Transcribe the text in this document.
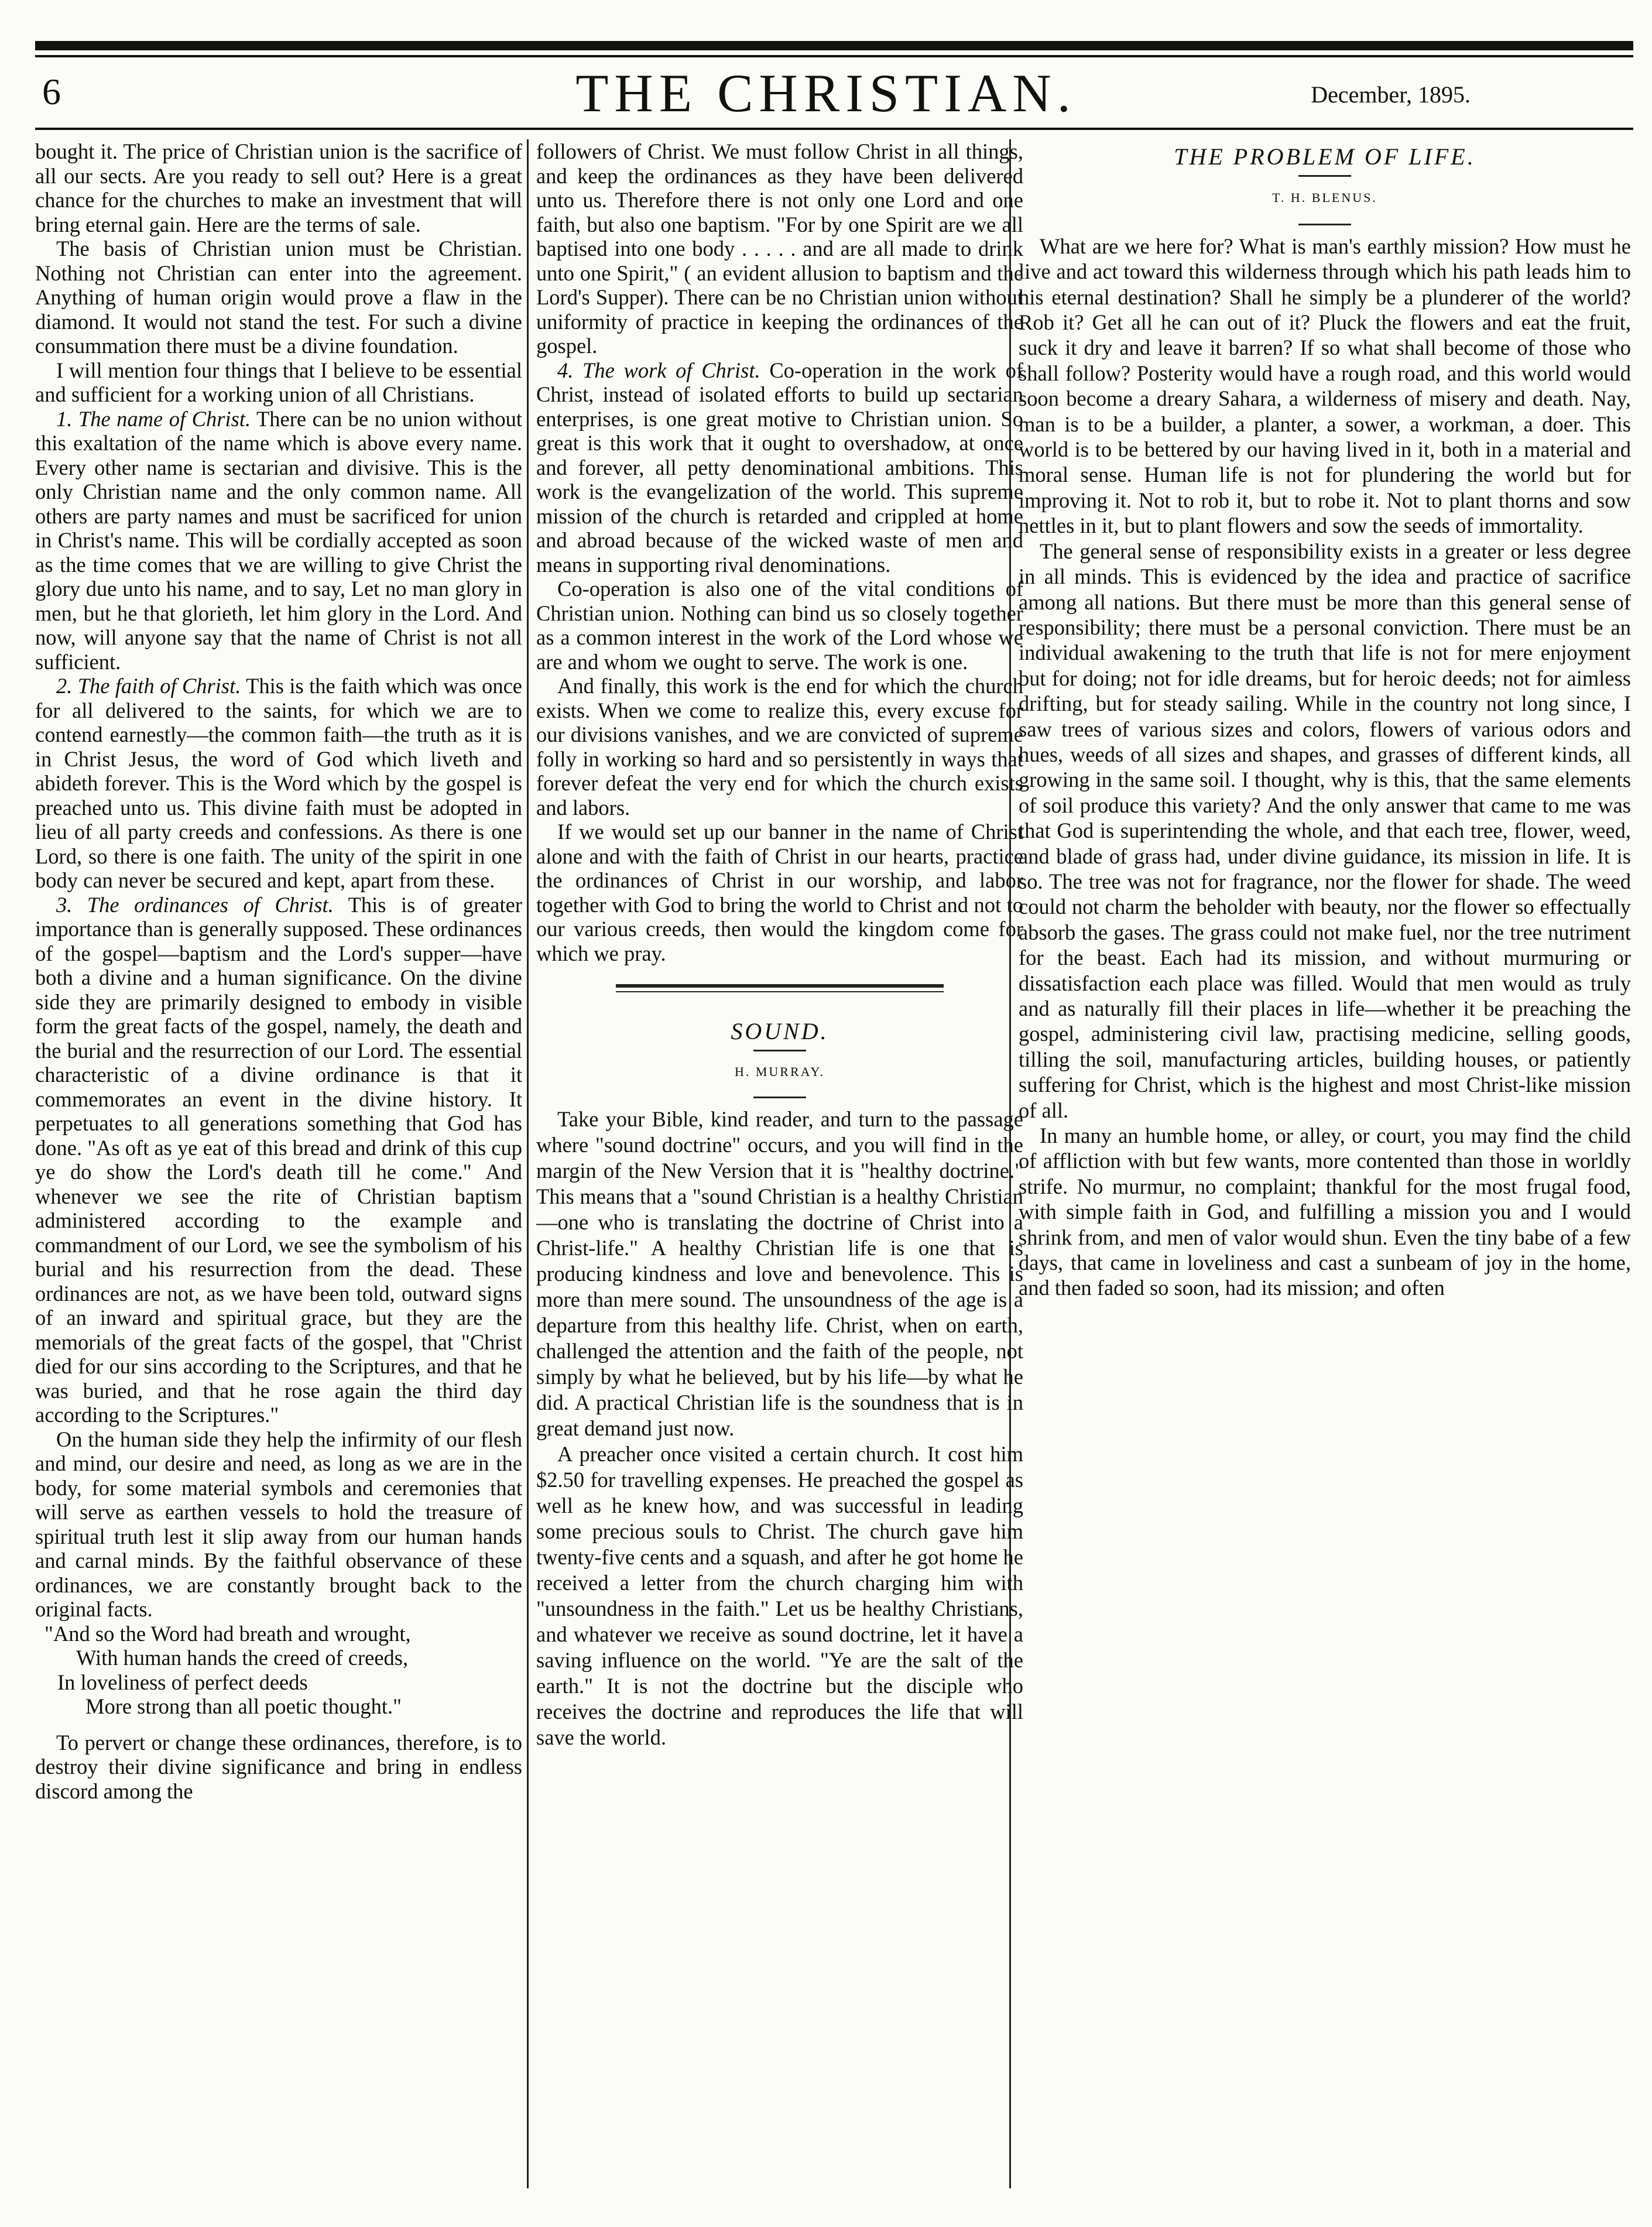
6	THE CHRISTIAN.	December, 1895.

bought it. The price of Christian union is the sacrifice of all our sects. Are you ready to sell out? Here is a great chance for the churches to make an investment that will bring eternal gain. Here are the terms of sale.

The basis of Christian union must be Christian. Nothing not Christian can enter into the agreement. Anything of human origin would prove a flaw in the diamond. It would not stand the test. For such a divine consummation there must be a divine foundation.

I will mention four things that I believe to be essential and sufficient for a working union of all Christians.

1. The name of Christ. There can be no union without this exaltation of the name which is above every name. Every other name is sectarian and divisive. This is the only Christian name and the only common name. All others are party names and must be sacrificed for union in Christ's name. This will be cordially accepted as soon as the time comes that we are willing to give Christ the glory due unto his name, and to say, Let no man glory in men, but he that glorieth, let him glory in the Lord. And now, will anyone say that the name of Christ is not all sufficient.

2. The faith of Christ. This is the faith which was once for all delivered to the saints, for which we are to contend earnestly—the common faith—the truth as it is in Christ Jesus, the word of God which liveth and abideth forever. This is the Word which by the gospel is preached unto us. This divine faith must be adopted in lieu of all party creeds and confessions. As there is one Lord, so there is one faith. The unity of the spirit in one body can never be secured and kept, apart from these.

3. The ordinances of Christ. This is of greater importance than is generally supposed. These ordinances of the gospel—baptism and the Lord's supper—have both a divine and a human significance. On the divine side they are primarily designed to embody in visible form the great facts of the gospel, namely, the death and the burial and the resurrection of our Lord. The essential characteristic of a divine ordinance is that it commemorates an event in the divine history. It perpetuates to all generations something that God has done. "As oft as ye eat of this bread and drink of this cup ye do show the Lord's death till he come." And whenever we see the rite of Christian baptism administered according to the example and commandment of our Lord, we see the symbolism of his burial and his resurrection from the dead. These ordinances are not, as we have been told, outward signs of an inward and spiritual grace, but they are the memorials of the great facts of the gospel, that "Christ died for our sins according to the Scriptures, and that he was buried, and that he rose again the third day according to the Scriptures."

On the human side they help the infirmity of our flesh and mind, our desire and need, as long as we are in the body, for some material symbols and ceremonies that will serve as earthen vessels to hold the treasure of spiritual truth lest it slip away from our human hands and carnal minds. By the faithful observance of these ordinances, we are constantly brought back to the original facts.

"And so the Word had breath and wrought,
With human hands the creed of creeds,
In loveliness of perfect deeds
More strong than all poetic thought."

To pervert or change these ordinances, therefore, is to destroy their divine significance and bring in endless discord among the

followers of Christ. We must follow Christ in all things, and keep the ordinances as they have been delivered unto us. Therefore there is not only one Lord and one faith, but also one baptism. "For by one Spirit are we all baptised into one body . . . . . and are all made to drink unto one Spirit," ( an evident allusion to baptism and the Lord's Supper). There can be no Christian union without uniformity of practice in keeping the ordinances of the gospel.

4. The work of Christ. Co-operation in the work of Christ, instead of isolated efforts to build up sectarian enterprises, is one great motive to Christian union. So great is this work that it ought to overshadow, at once and forever, all petty denominational ambitions. This work is the evangelization of the world. This supreme mission of the church is retarded and crippled at home and abroad because of the wicked waste of men and means in supporting rival denominations.

Co-operation is also one of the vital conditions of Christian union. Nothing can bind us so closely together as a common interest in the work of the Lord whose we are and whom we ought to serve. The work is one.

And finally, this work is the end for which the church exists. When we come to realize this, every excuse for our divisions vanishes, and we are convicted of supreme folly in working so hard and so persistently in ways that forever defeat the very end for which the church exists and labors.

If we would set up our banner in the name of Christ alone and with the faith of Christ in our hearts, practice the ordinances of Christ in our worship, and labor together with God to bring the world to Christ and not to our various creeds, then would the kingdom come for which we pray.

SOUND.
H. MURRAY.

Take your Bible, kind reader, and turn to the passage where "sound doctrine" occurs, and you will find in the margin of the New Version that it is "healthy doctrine." This means that a "sound Christian is a healthy Christian—one who is translating the doctrine of Christ into a Christ-life." A healthy Christian life is one that is producing kindness and love and benevolence. This is more than mere sound. The unsoundness of the age is a departure from this healthy life. Christ, when on earth, challenged the attention and the faith of the people, not simply by what he believed, but by his life—by what he did. A practical Christian life is the soundness that is in great demand just now.

A preacher once visited a certain church. It cost him $2.50 for travelling expenses. He preached the gospel as well as he knew how, and was successful in leading some precious souls to Christ. The church gave him twenty-five cents and a squash, and after he got home he received a letter from the church charging him with "unsoundness in the faith." Let us be healthy Christians, and whatever we receive as sound doctrine, let it have a saving influence on the world. "Ye are the salt of the earth." It is not the doctrine but the disciple who receives the doctrine and reproduces the life that will save the world.

THE PROBLEM OF LIFE.
T. H. BLENUS.

What are we here for? What is man's earthly mission? How must he live and act toward this wilderness through which his path leads him to his eternal destination? Shall he simply be a plunderer of the world? Rob it? Get all he can out of it? Pluck the flowers and eat the fruit, suck it dry and leave it barren? If so what shall become of those who shall follow? Posterity would have a rough road, and this world would soon become a dreary Sahara, a wilderness of misery and death. Nay, man is to be a builder, a planter, a sower, a workman, a doer. This world is to be bettered by our having lived in it, both in a material and moral sense. Human life is not for plundering the world but for improving it. Not to rob it, but to robe it. Not to plant thorns and sow nettles in it, but to plant flowers and sow the seeds of immortality.

The general sense of responsibility exists in a greater or less degree in all minds. This is evidenced by the idea and practice of sacrifice among all nations. But there must be more than this general sense of responsibility; there must be a personal conviction. There must be an individual awakening to the truth that life is not for mere enjoyment but for doing; not for idle dreams, but for heroic deeds; not for aimless drifting, but for steady sailing. While in the country not long since, I saw trees of various sizes and colors, flowers of various odors and hues, weeds of all sizes and shapes, and grasses of different kinds, all growing in the same soil. I thought, why is this, that the same elements of soil produce this variety? And the only answer that came to me was that God is superintending the whole, and that each tree, flower, weed, and blade of grass had, under divine guidance, its mission in life. It is so. The tree was not for fragrance, nor the flower for shade. The weed could not charm the beholder with beauty, nor the flower so effectually absorb the gases. The grass could not make fuel, nor the tree nutriment for the beast. Each had its mission, and without murmuring or dissatisfaction each place was filled. Would that men would as truly and as naturally fill their places in life—whether it be preaching the gospel, administering civil law, practising medicine, selling goods, tilling the soil, manufacturing articles, building houses, or patiently suffering for Christ, which is the highest and most Christ-like mission of all.

In many an humble home, or alley, or court, you may find the child of affliction with but few wants, more contented than those in worldly strife. No murmur, no complaint; thankful for the most frugal food, with simple faith in God, and fulfilling a mission you and I would shrink from, and men of valor would shun. Even the tiny babe of a few days, that came in loveliness and cast a sunbeam of joy in the home, and then faded so soon, had its mission; and often
